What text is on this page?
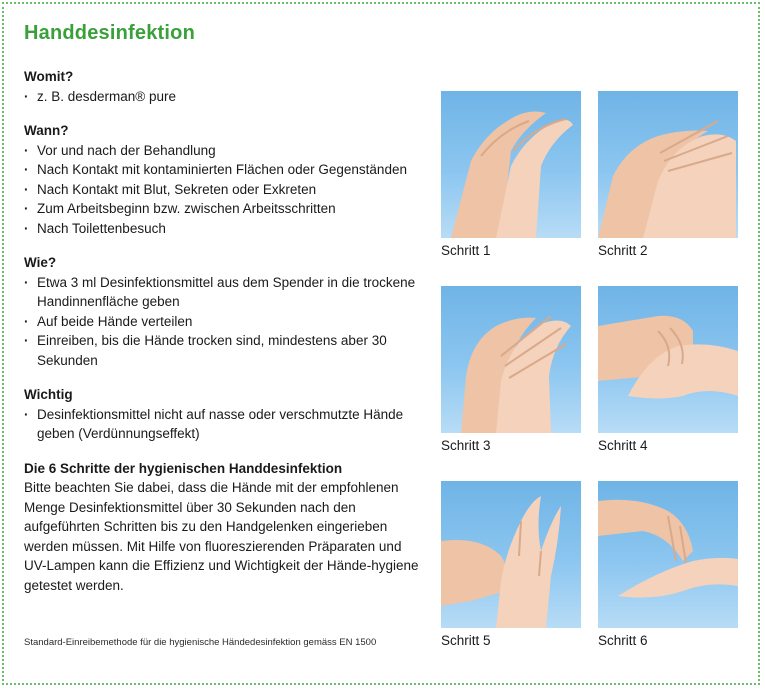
Handdesinfektion
Womit?
· z. B. desderman® pure
Wann?
· Vor und nach der Behandlung
· Nach Kontakt mit kontaminierten Flächen oder Gegenständen
· Nach Kontakt mit Blut, Sekreten oder Exkreten
· Zum Arbeitsbeginn bzw. zwischen Arbeitsschritten
· Nach Toilettenbesuch
Wie?
· Etwa 3 ml Desinfektionsmittel aus dem Spender in die trockene Handinnenfläche geben
· Auf beide Hände verteilen
· Einreiben, bis die Hände trocken sind, mindestens aber 30 Sekunden
Wichtig
· Desinfektionsmittel nicht auf nasse oder verschmutzte Hände geben (Verdünnungseffekt)
Die 6 Schritte der hygienischen Handdesinfektion

Bitte beachten Sie dabei, dass die Hände mit der empfohlenen Menge Desinfektionsmittel über 30 Sekunden nach den aufgeführten Schritten bis zu den Handgelenken eingerieben werden müssen. Mit Hilfe von fluoreszierenden Präparaten und UV-Lampen kann die Effizienz und Wichtigkeit der Hände-hygiene getestet werden.

Standard-Einreibemethode für die hygienische Händedesinfektion gemäss EN 1500
Schritt 1	Schritt 2
Schritt 3	Schritt 4
Schritt 5	Schritt 6
